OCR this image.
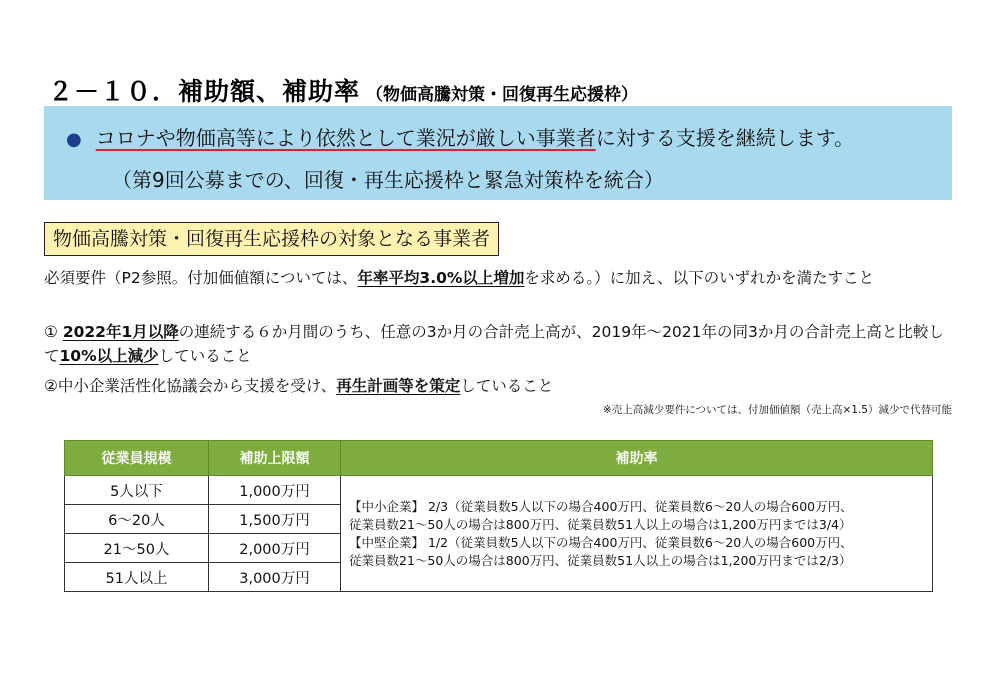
２－１０．補助額、補助率 （物価高騰対策・回復再生応援枠）
● コロナや物価高等により依然として業況が厳しい事業者に対する支援を継続します。
（第9回公募までの、回復・再生応援枠と緊急対策枠を統合）
物価高騰対策・回復再生応援枠の対象となる事業者
必須要件（P2参照。付加価値額については、年率平均3.0%以上増加を求める。）に加え、以下のいずれかを満たすこと
① 2022年1月以降の連続する６か月間のうち、任意の3か月の合計売上高が、2019年～2021年の同3か月の合計売上高と比較して10%以上減少していること
②中小企業活性化協議会から支援を受け、再生計画等を策定していること
※売上高減少要件については、付加価値額（売上高×1.5）減少で代替可能
従業員規模	補助上限額	補助率
5人以下	1,000万円	【中小企業】 2/3（従業員数5人以下の場合400万円、従業員数6～20人の場合600万円、
従業員数21～50人の場合は800万円、従業員数51人以上の場合は1,200万円までは3/4）
【中堅企業】 1/2（従業員数5人以下の場合400万円、従業員数6～20人の場合600万円、
従業員数21～50人の場合は800万円、従業員数51人以上の場合は1,200万円までは2/3）

6～20人	1,500万円	
21～50人	2,000万円	
51人以上	3,000万円	
